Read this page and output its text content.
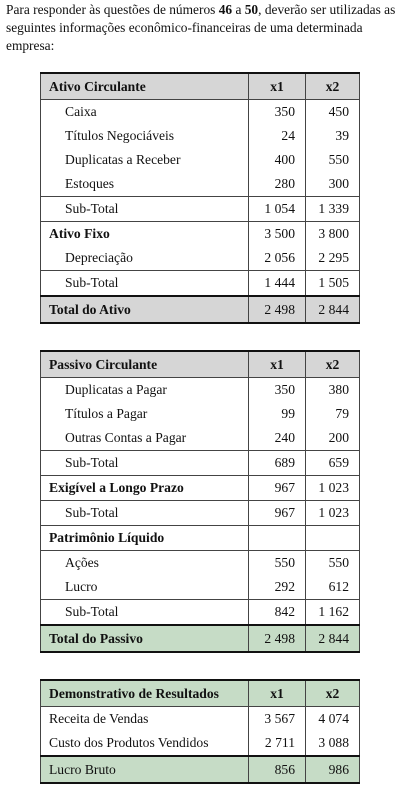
Para responder às questões de números 46 a 50, deverão ser utilizadas as seguintes informações econômico-financeiras de uma determinada empresa:
Ativo Circulante	x1	x2
Caixa	350	450
Títulos Negociáveis	24	39
Duplicatas a Receber	400	550
Estoques	280	300
Sub-Total	1 054	1 339
Ativo Fixo	3 500	3 800
Depreciação	2 056	2 295
Sub-Total	1 444	1 505
Total do Ativo	2 498	2 844
Passivo Circulante	x1	x2
Duplicatas a Pagar	350	380
Títulos a Pagar	99	79
Outras Contas a Pagar	240	200
Sub-Total	689	659
Exigível a Longo Prazo	967	1 023
Sub-Total	967	1 023
Patrimônio Líquido		
Ações	550	550
Lucro	292	612
Sub-Total	842	1 162
Total do Passivo	2 498	2 844
Demonstrativo de Resultados	x1	x2
Receita de Vendas	3 567	4 074
Custo dos Produtos Vendidos	2 711	3 088
Lucro Bruto	856	986
